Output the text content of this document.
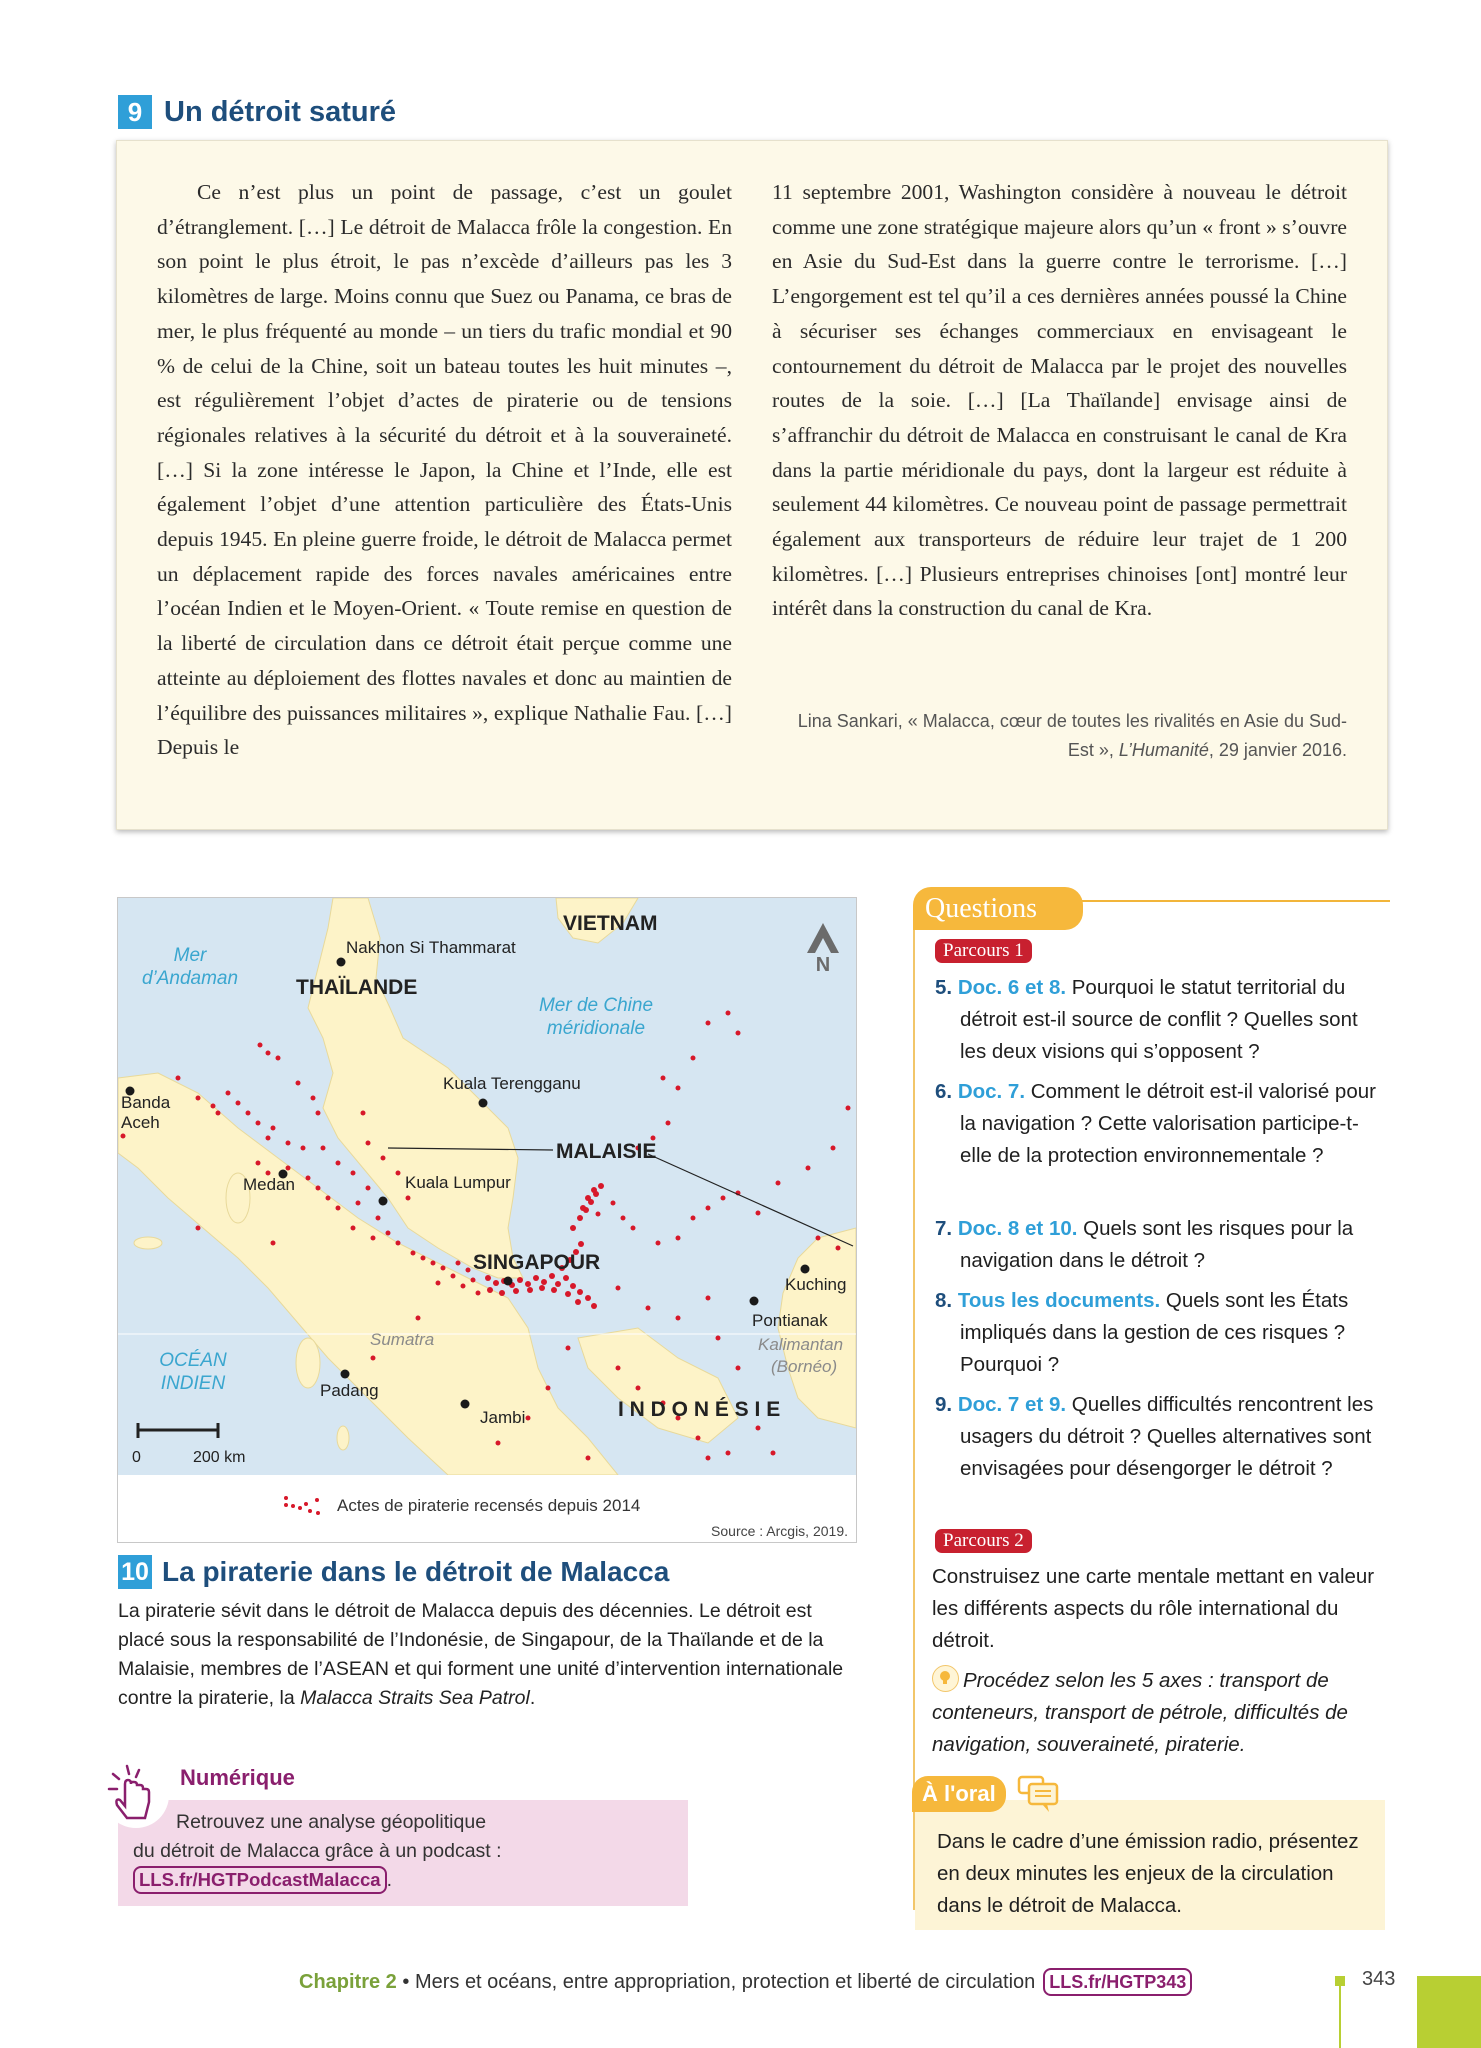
9 Un détroit saturé

Ce n’est plus un point de passage, c’est un goulet d’étranglement. […] Le détroit de Malacca frôle la congestion. En son point le plus étroit, le pas n’excède d’ailleurs pas les 3 kilomètres de large. Moins connu que Suez ou Panama, ce bras de mer, le plus fréquenté au monde – un tiers du trafic mondial et 90 % de celui de la Chine, soit un bateau toutes les huit minutes –, est régulièrement l’objet d’actes de piraterie ou de tensions régionales relatives à la sécurité du détroit et à la souveraineté. […] Si la zone intéresse le Japon, la Chine et l’Inde, elle est également l’objet d’une attention particulière des États-Unis depuis 1945. En pleine guerre froide, le détroit de Malacca permet un déplacement rapide des forces navales américaines entre l’océan Indien et le Moyen-Orient. « Toute remise en question de la liberté de circulation dans ce détroit était perçue comme une atteinte au déploiement des flottes navales et donc au maintien de l’équilibre des puissances militaires », explique Nathalie Fau. […] Depuis le

11 septembre 2001, Washington considère à nouveau le détroit comme une zone stratégique majeure alors qu’un « front » s’ouvre en Asie du Sud-Est dans la guerre contre le terrorisme. […] L’engorgement est tel qu’il a ces dernières années poussé la Chine à sécuriser ses échanges commerciaux en envisageant le contournement du détroit de Malacca par le projet des nouvelles routes de la soie. […] [La Thaïlande] envisage ainsi de s’affranchir du détroit de Malacca en construisant le canal de Kra dans la partie méridionale du pays, dont la largeur est réduite à seulement 44 kilomètres. Ce nouveau point de passage permettrait également aux transporteurs de réduire leur trajet de 1 200 kilomètres. […] Plusieurs entreprises chinoises [ont] montré leur intérêt dans la construction du canal de Kra.

Lina Sankari, « Malacca, cœur de toutes les rivalités en Asie du Sud-Est », L’Humanité, 29 janvier 2016.
N
0	200 km
Mer
d’Andaman
Nakhon Si Thammarat
THAÏLANDE
VIETNAM
Mer de Chine
méridionale
Kuala Terengganu
Banda
Aceh
MALAISIE
Medan	Kuala Lumpur
SINGAPOUR
Kuching
Pontianak
Kalimantan
(Bornéo)
Sumatra
OCÉAN
INDIEN	Padang
Jambi	I N D O N É S I E
Actes de piraterie recensés depuis 2014
Source : Arcgis, 2019.
10 La piraterie dans le détroit de Malacca

La piraterie sévit dans le détroit de Malacca depuis des décennies. Le détroit est placé sous la responsabilité de l’Indonésie, de Singapour, de la Thaïlande et de la Malaisie, membres de l’ASEAN et qui forment une unité d’intervention internationale contre la piraterie, la Malacca Straits Sea Patrol.

Numérique
Retrouvez une analyse géopolitique
du détroit de Malacca grâce à un podcast :
LLS.fr/HGTPodcastMalacca .
Questions
Parcours 1
5. Doc. 6 et 8. Pourquoi le statut territorial du détroit est-il source de conflit ? Quelles sont les deux visions qui s’opposent ?
6. Doc. 7. Comment le détroit est-il valorisé pour la navigation ? Cette valorisation participe-t-elle de la protection environnementale ?
7. Doc. 8 et 10. Quels sont les risques pour la navigation dans le détroit ?
8. Tous les documents. Quels sont les États impliqués dans la gestion de ces risques ? Pourquoi ?
9. Doc. 7 et 9. Quelles difficultés rencontrent les usagers du détroit ? Quelles alternatives sont envisagées pour désengorger le détroit ?
Parcours 2
Construisez une carte mentale mettant en valeur les différents aspects du rôle international du détroit.
Procédez selon les 5 axes : transport de conteneurs, transport de pétrole, difficultés de navigation, souveraineté, piraterie.
À l'oral
Dans le cadre d’une émission radio, présentez en deux minutes les enjeux de la circulation dans le détroit de Malacca.
Chapitre 2 • Mers et océans, entre appropriation, protection et liberté de circulation LLS.fr/HGTP343	343
